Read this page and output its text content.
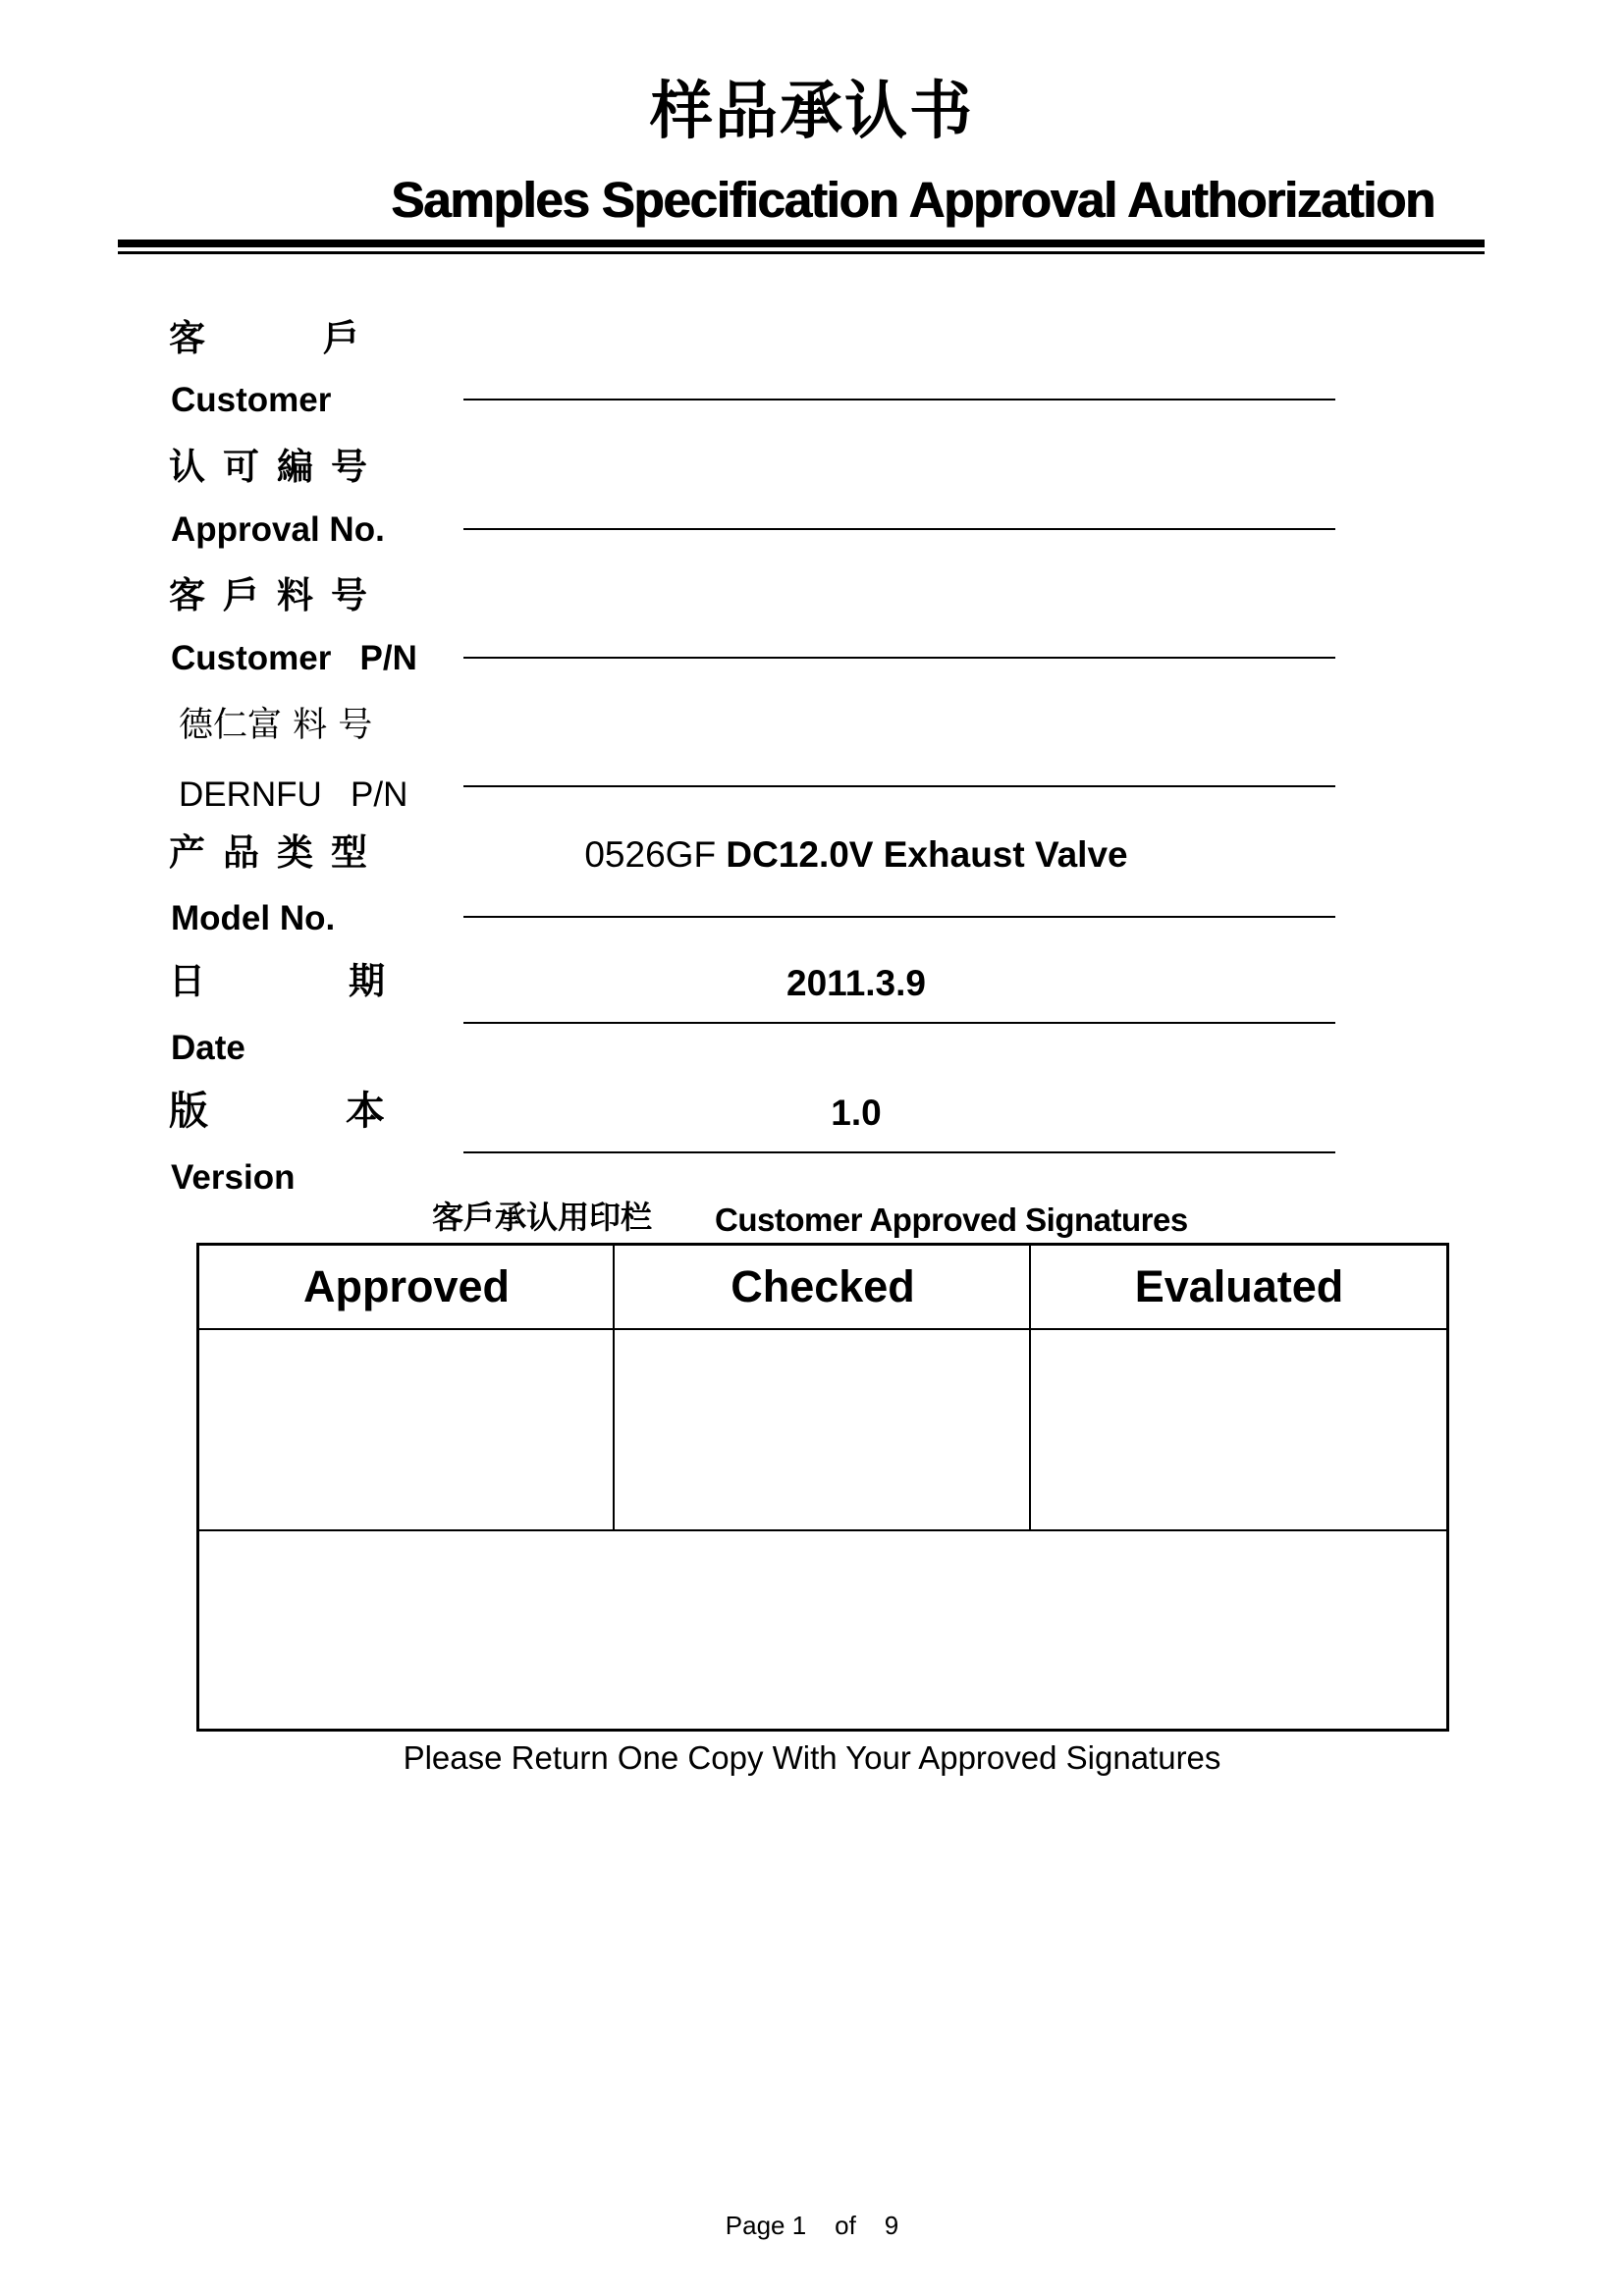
样品承认书
Samples Specification Approval Authorization
客	戶
Customer
认 可 編 号
Approval No.
客 戶 料 号
Customer   P/N
德仁富 料 号
DERNFU   P/N
产 品 类 型	0526GF DC12.0V Exhaust Valve
Model No.
日	期	2011.3.9
Date
版	本	1.0
Version
客戶承认用印栏 Customer Approved Signatures
Approved	Checked	Evaluated
Please Return One Copy With Your Approved Signatures
Page 1 of 9
